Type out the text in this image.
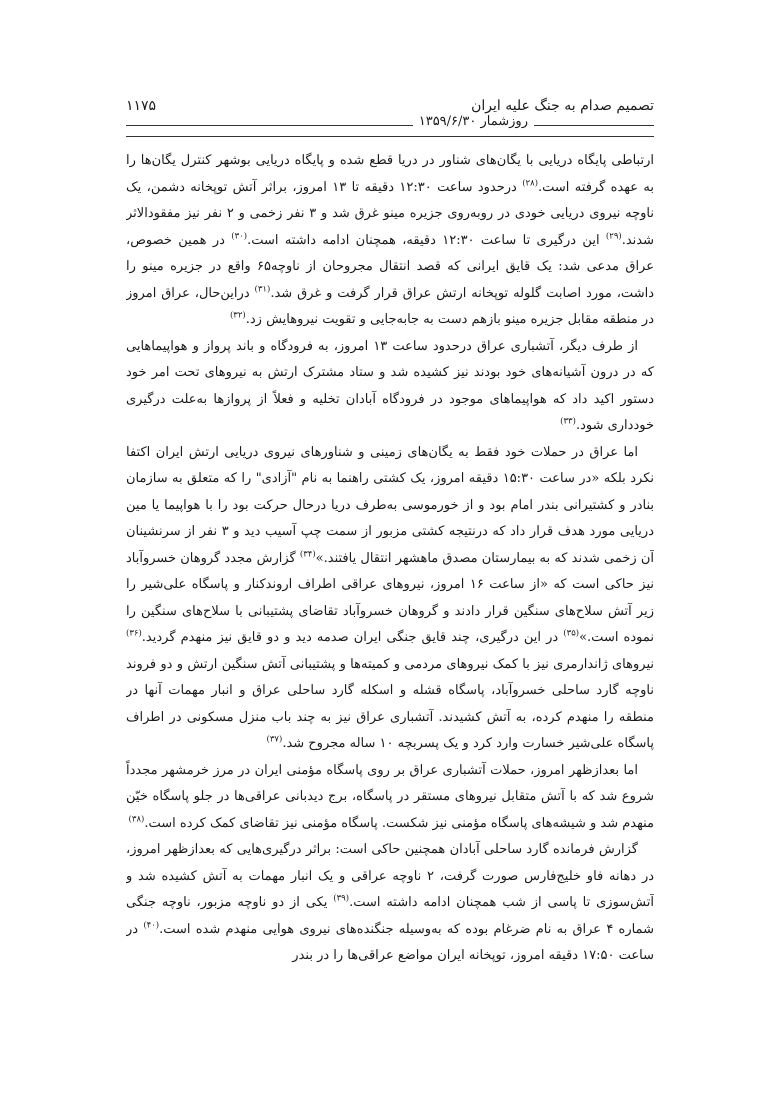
تصمیم صدام به جنگ علیه ایران
۱۱۷۵
روزشمار ۱۳۵۹/۶/۳۰

ارتباطی پایگاه دریایی با یگان‌های شناور در دریا قطع شده و پایگاه دریایی بوشهر کنترل یگان‌ها را به عهده گرفته است.$^{(۲۸)}$ درحدود ساعت ۱۲:۳۰ دقیقه تا ۱۳ امروز، براثر آتش توپخانه دشمن، یک ناوچه نیروی دریایی خودی در روبه‌روی جزیره مینو غرق شد و ۳ نفر زخمی و ۲ نفر نیز مفقودالاثر شدند.$^{(۲۹)}$ این درگیری تا ساعت ۱۲:۳۰ دقیقه، همچنان ادامه داشته است.$^{(۳۰)}$ در همین خصوص، عراق مدعی شد: یک قایق ایرانی که قصد انتقال مجروحان از ناوچه۶۵ واقع در جزیره مینو را داشت، مورد اصابت گلوله توپخانه ارتش عراق قرار گرفت و غرق شد.$^{(۳۱)}$ دراین‌حال، عراق امروز در منطقه مقابل جزیره مینو بازهم دست به جابه‌جایی و تقویت نیروهایش زد.$^{(۳۲)}$

از طرف دیگر، آتشباری عراق درحدود ساعت ۱۳ امروز، به فرودگاه و باند پرواز و هواپیماهایی که در درون آشیانه‌های خود بودند نیز کشیده شد و ستاد مشترک ارتش به نیروهای تحت امر خود دستور اکید داد که هواپیماهای موجود در فرودگاه آبادان تخلیه و فعلاً از پروازها به‌علت درگیری خودداری شود.$^{(۳۳)}$

اما عراق در حملات خود فقط به یگان‌های زمینی و شناورهای نیروی دریایی ارتش ایران اکتفا نکرد بلکه «در ساعت ۱۵:۳۰ دقیقه امروز، یک کشتی راهنما به نام "آزادی" را که متعلق به سازمان بنادر و کشتیرانی بندر امام بود و از خورموسی به‌طرف دریا درحال حرکت بود را با هواپیما یا مین دریایی مورد هدف قرار داد که درنتیجه کشتی مزبور از سمت چپ آسیب دید و ۳ نفر از سرنشینان آن زخمی شدند که به بیمارستان مصدق ماهشهر انتقال یافتند.»$^{(۳۴)}$ گزارش مجدد گروهان خسروآباد نیز حاکی است که «از ساعت ۱۶ امروز، نیروهای عراقی اطراف اروندکنار و پاسگاه علی‌شیر را زیر آتش سلاح‌های سنگین قرار دادند و گروهان خسروآباد تقاضای پشتیبانی با سلاح‌های سنگین را نموده است.»$^{(۳۵)}$ در این درگیری، چند قایق جنگی ایران صدمه دید و دو قایق نیز منهدم گردید.$^{(۳۶)}$ نیروهای ژاندارمری نیز با کمک نیروهای مردمی و کمیته‌ها و پشتیبانی آتش سنگین ارتش و دو فروند ناوچه گارد ساحلی خسروآباد، پاسگاه قشله و اسکله گارد ساحلی عراق و انبار مهمات آنها در منطقه را منهدم کرده، به آتش کشیدند. آتشباری عراق نیز به چند باب منزل مسکونی در اطراف پاسگاه علی‌شیر خسارت وارد کرد و یک پسربچه ۱۰ ساله مجروح شد.$^{(۳۷)}$

اما بعدازظهر امروز، حملات آتشباری عراق بر روی پاسگاه مؤمنی ایران در مرز خرمشهر مجدداً شروع شد که با آتش متقابل نیروهای مستقر در پاسگاه، برج دیدبانی عراقی‌ها در جلو پاسگاه خیّن منهدم شد و شیشه‌های پاسگاه مؤمنی نیز شکست. پاسگاه مؤمنی نیز تقاضای کمک کرده است.$^{(۳۸)}$

گزارش فرمانده گارد ساحلی آبادان همچنین حاکی است: براثر درگیری‌هایی که بعدازظهر امروز، در دهانه فاو خلیج‌فارس صورت گرفت، ۲ ناوچه عراقی و یک انبار مهمات به آتش کشیده شد و آتش‌سوزی تا پاسی از شب همچنان ادامه داشته است.$^{(۳۹)}$ یکی از دو ناوچه مزبور، ناوچه جنگی شماره ۴ عراق به نام ضرغام بوده که به‌وسیله جنگنده‌های نیروی هوایی منهدم شده است.$^{(۴۰)}$ در ساعت ۱۷:۵۰ دقیقه امروز، توپخانه ایران مواضع عراقی‌ها را در بندر
